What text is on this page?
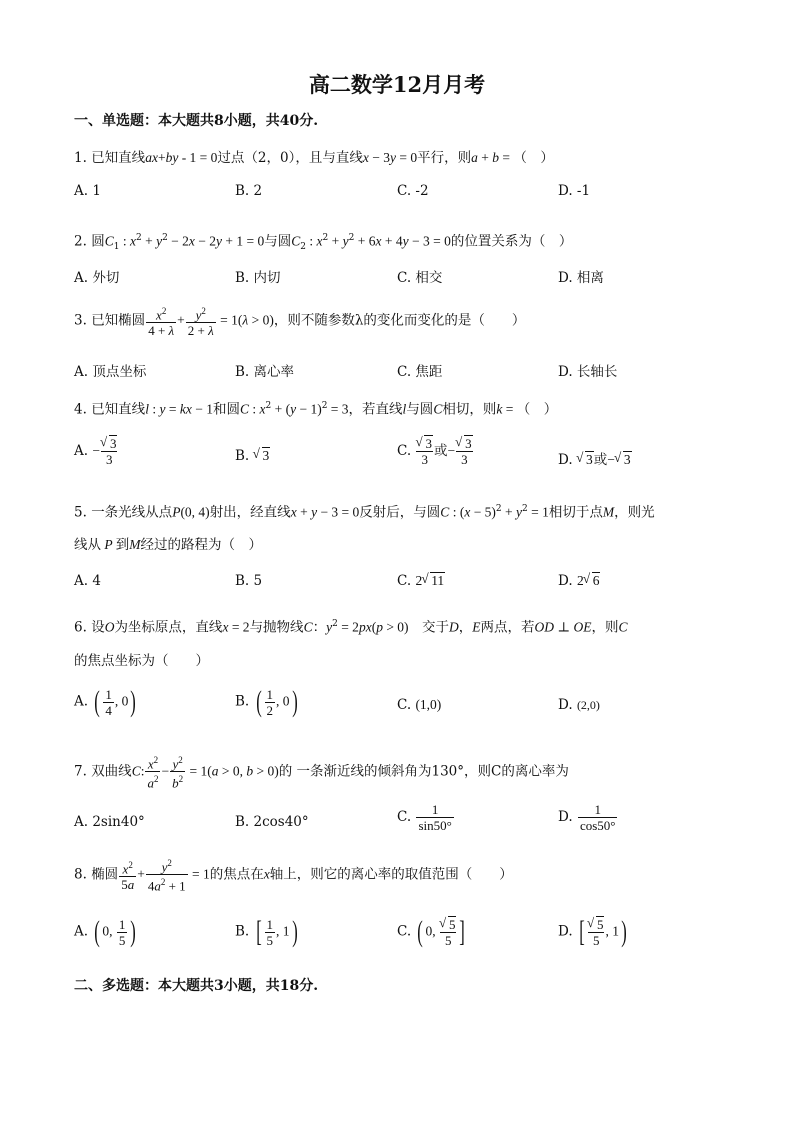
高二数学12月月考
一、单选题：本大题共8小题，共40分.
1. 已知直线ax+by - 1 = 0过点（2，0），且与直线x − 3y = 0平行，则a + b = （　）
A. 1	B. 2	C. -2	D. -1
2. 圆$C_1$ : $x^2 + y^2 - 2x - 2y + 1 = 0$与圆$C_2$ : $x^2 + y^2 + 6x + 4y - 3 = 0$的位置关系为（　）
A. 外切	B. 内切	C. 相交	D. 相离
3. 已知椭圆 $\frac{x^2}{4 + \lambda} + \frac{y^2}{2 + \lambda} = 1(\lambda > 0)$，则不随参数λ的变化而变化的是（　　）
A. 顶点坐标	B. 离心率	C. 焦距	D. 长轴长
4. 已知直线l : y = kx − 1和圆C : $x^2 + (y - 1)^2 = 3$，若直线l与圆C相切，则k = （　）
A. − √ $\frac{3}{3}$	B. √ 3	C. √ $\frac{3}{3}$ 或− √ $\frac{3}{3}$	D. √ 3或− √ 3
5. 一条光线从点P(0, 4)射出，经直线x + y − 3 = 0反射后，与圆C : $(x - 5)^2 + y^2 = 1$相切于点M，则光
线从 P 到M经过的路程为（　）
A. 4	B. 5	C. 2 √ 11	D. 2 √ 6
6. 设O为坐标原点，直线x = 2与抛物线C：$y^2 = 2px(p > 0)$　交于D，E两点，若OD ⊥ OE，则C
的焦点坐标为（　　）
A. ( $\frac{1}{4}$ , 0)	B. ( $\frac{1}{2}$ , 0)	C. (1,0)	D. (2,0)
7. 双曲线C: $\frac{x^2}{a^2} - \frac{y^2}{b^2} = 1(a > 0$, b > 0)的 一条渐近线的倾斜角为130°，则C的离心率为
A. 2sin40°	B. 2cos40°	C. $\frac{1}{\sin 50^\circ}$	D. $\frac{1}{\cos 50^\circ}$
8. 椭圆 $\frac{x^2}{5a} + \frac{y^2}{4a^2 + 1} = 1$的焦点在x轴上，则它的离心率的取值范围（　　）
A. ( 0, $\frac{1}{5}$ )	B. [ $\frac{1}{5}$ , 1)	C. ( 0, √ $\frac{5}{5}$ ]	D. [ √ $\frac{5}{5}$ , 1)
二、多选题：本大题共3小题，共18分.
